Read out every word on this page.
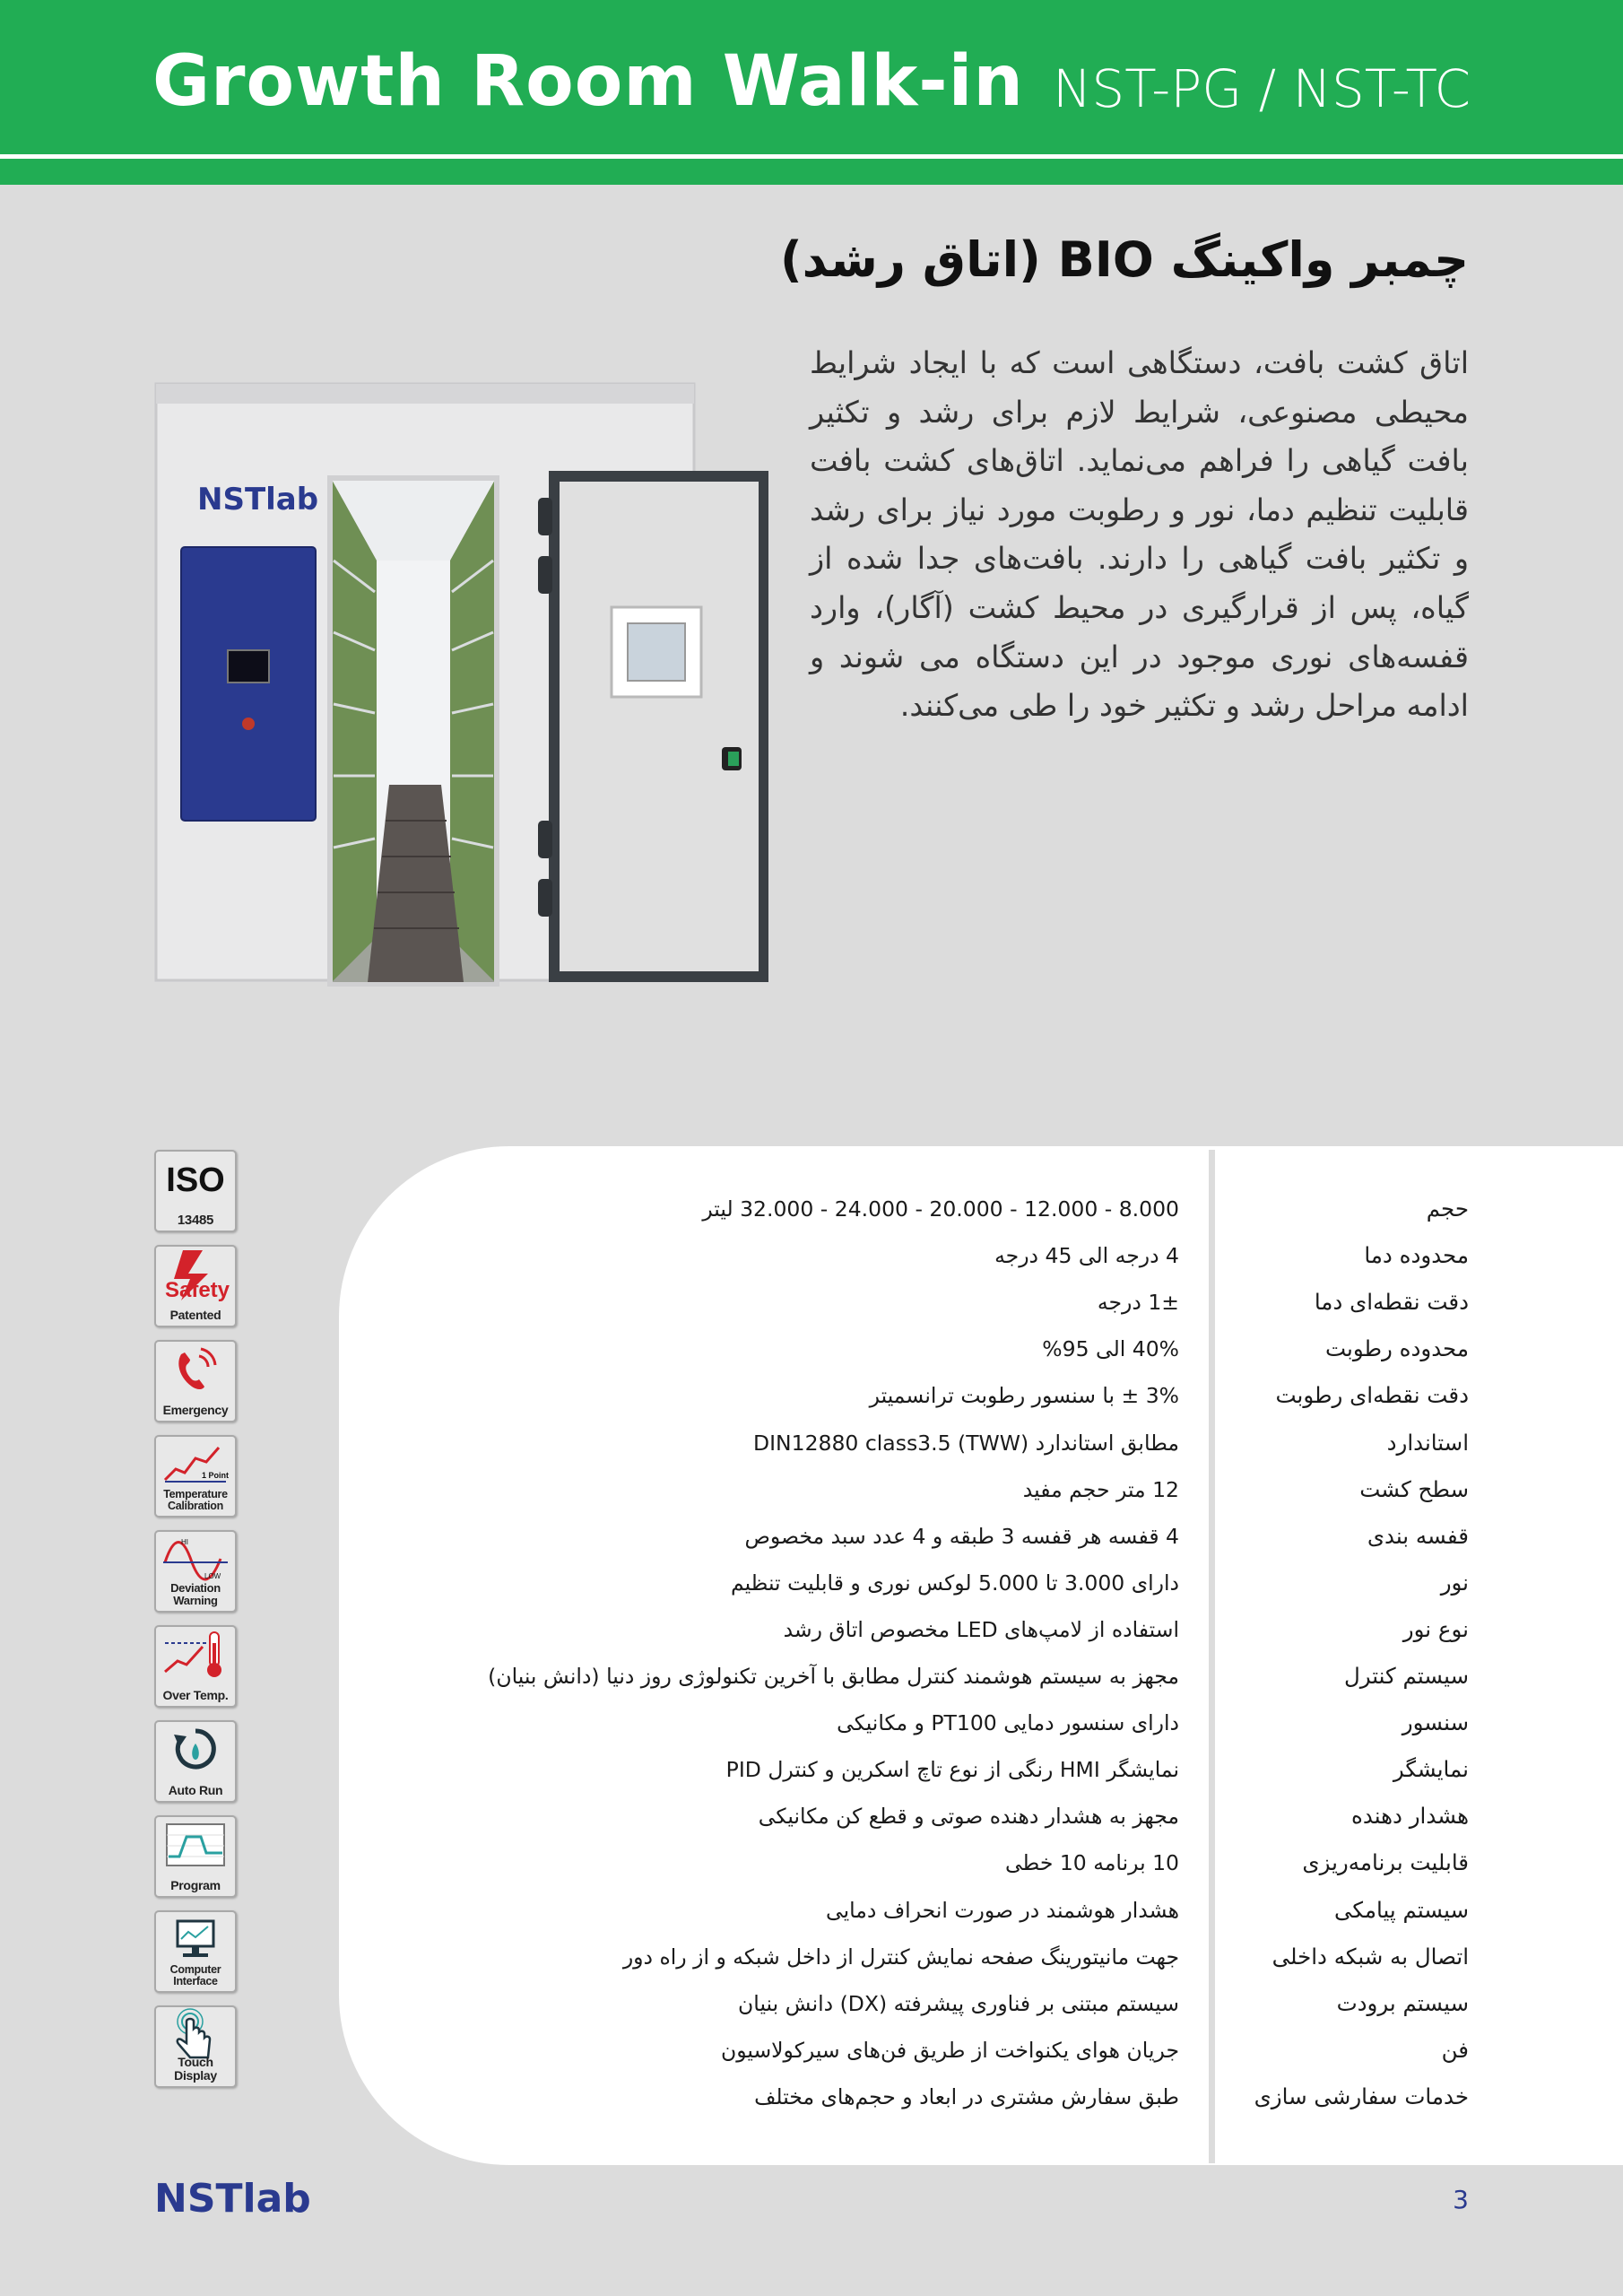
Growth Room Walk-in NST-PG / NST-TC
چمبر واکینگ BIO (اتاق رشد)
اتاق کشت بافت، دستگاهی است که با ایجاد شرایط محیطی مصنوعی، شرایط لازم برای رشد و تکثیر بافت گیاهی را فراهم می‌نماید. اتاق‌های کشت بافت قابلیت تنظیم دما، نور و رطوبت مورد نیاز برای رشد و تکثیر بافت گیاهی را دارند. بافت‌های جدا شده از گیاه، پس از قرارگیری در محیط کشت (آگار)، وارد قفسه‌های نوری موجود در این دستگاه می شوند و ادامه مراحل رشد و تکثیر خود را طی می‌کنند.
NSTlab
حجم
8.000 - 12.000 - 20.000 - 24.000 - 32.000 لیتر
محدوده دما
4 درجه الی 45 درجه
دقت نقطه‌ای دما
1± درجه
محدوده رطوبت
40% الی 95%
دقت نقطه‌ای رطوبت
3% ± با سنسور رطوبت ترانسمیتر
استاندارد
مطابق استاندارد DIN12880 class3.5 (TWW)
سطح کشت
12 متر حجم مفید
قفسه بندی
4 قفسه هر قفسه 3 طبقه و 4 عدد سبد مخصوص
نور
دارای 3.000 تا 5.000 لوکس نوری و قابلیت تنظیم
نوع نور
استفاده از لامپ‌های LED مخصوص اتاق رشد
سیستم کنترل
مجهز به سیستم هوشمند کنترل مطابق با آخرین تکنولوژی روز دنیا (دانش بنیان)
سنسور
دارای سنسور دمایی PT100 و مکانیکی
نمایشگر
نمایشگر HMI رنگی از نوع تاچ اسکرین و کنترل PID
هشدار دهنده
مجهز به هشدار دهنده صوتی و قطع کن مکانیکی
قابلیت برنامه‌ریزی
10 برنامه 10 خطی
سیستم پیامکی
هشدار هوشمند در صورت انحراف دمایی
اتصال به شبکه داخلی
جهت مانیتورینگ صفحه نمایش کنترل از داخل شبکه و از راه دور
سیستم برودت
سیستم مبتنی بر فناوری پیشرفته (DX) دانش بنیان
فن
جریان هوای یکنواخت از طریق فن‌های سیرکولاسیون
خدمات سفارشی سازی
طبق سفارش مشتری در ابعاد و حجم‌های مختلف
ISO
13485
Safety
Patented
Emergency
1 Point
Temperature Calibration
HI
LOW
Deviation Warning
Over Temp.
Auto Run
Program
Computer Interface
Touch Display
NSTlab	3
